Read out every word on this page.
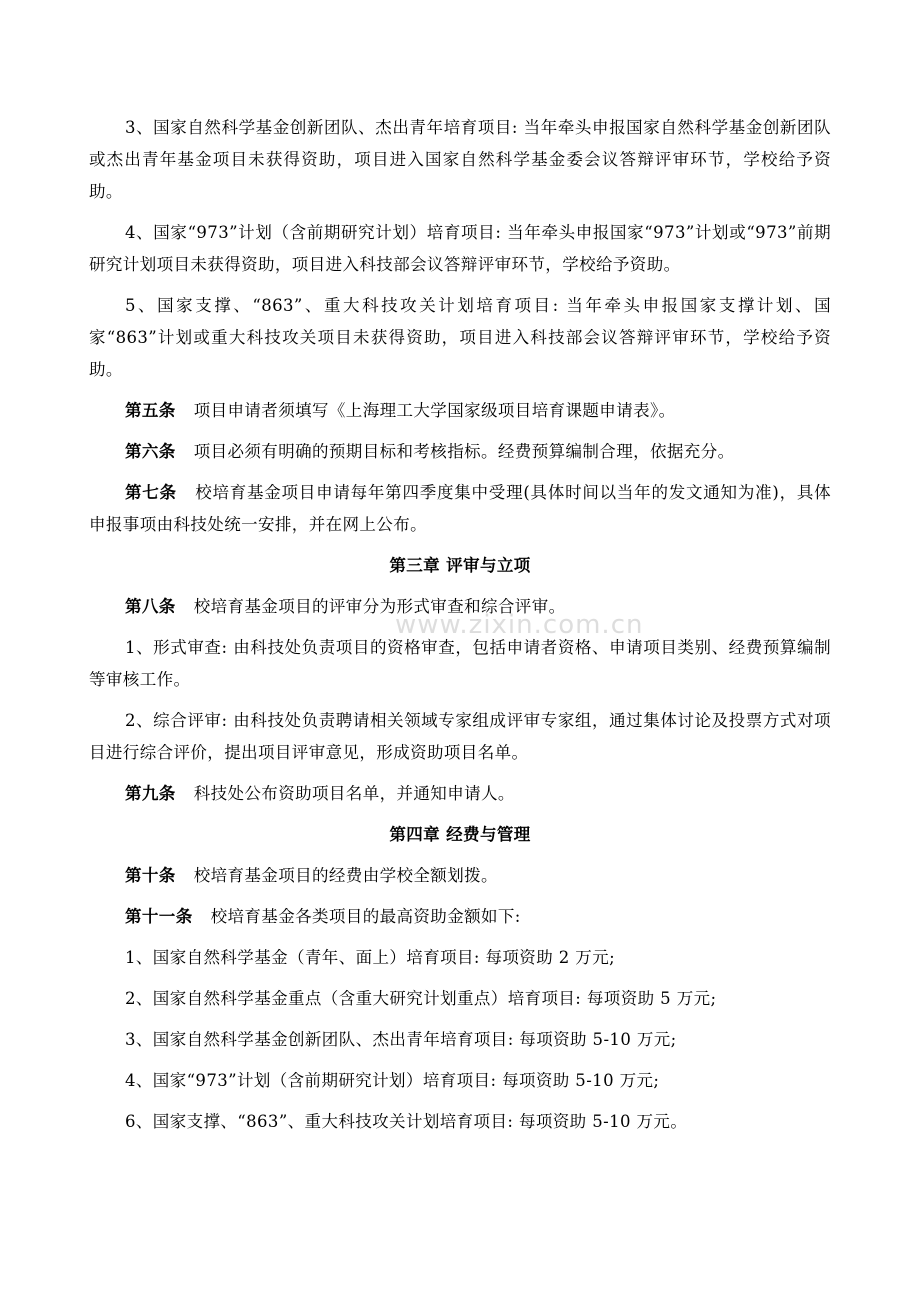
www.zixin.com.cn

3、国家自然科学基金创新团队、杰出青年培育项目: 当年牵头申报国家自然科学基金创新团队或杰出青年基金项目未获得资助，项目进入国家自然科学基金委会议答辩评审环节，学校给予资助。

4、国家“973”计划（含前期研究计划）培育项目: 当年牵头申报国家“973”计划或“973”前期研究计划项目未获得资助，项目进入科技部会议答辩评审环节，学校给予资助。

5、国家支撑、“863”、重大科技攻关计划培育项目: 当年牵头申报国家支撑计划、国家“863”计划或重大科技攻关项目未获得资助，项目进入科技部会议答辩评审环节，学校给予资助。

第五条 项目申请者须填写《上海理工大学国家级项目培育课题申请表》。

第六条 项目必须有明确的预期目标和考核指标。经费预算编制合理，依据充分。

第七条 校培育基金项目申请每年第四季度集中受理(具体时间以当年的发文通知为准)，具体申报事项由科技处统一安排，并在网上公布。

第三章 评审与立项

第八条 校培育基金项目的评审分为形式审查和综合评审。

1、形式审查: 由科技处负责项目的资格审查，包括申请者资格、申请项目类别、经费预算编制等审核工作。

2、综合评审: 由科技处负责聘请相关领域专家组成评审专家组，通过集体讨论及投票方式对项目进行综合评价，提出项目评审意见，形成资助项目名单。

第九条 科技处公布资助项目名单，并通知申请人。

第四章 经费与管理

第十条 校培育基金项目的经费由学校全额划拨。

第十一条 校培育基金各类项目的最高资助金额如下:

1、国家自然科学基金（青年、面上）培育项目: 每项资助 2 万元;

2、国家自然科学基金重点（含重大研究计划重点）培育项目: 每项资助 5 万元;

3、国家自然科学基金创新团队、杰出青年培育项目: 每项资助 5-10 万元;

4、国家“973”计划（含前期研究计划）培育项目: 每项资助 5-10 万元;

6、国家支撑、“863”、重大科技攻关计划培育项目: 每项资助 5-10 万元。
